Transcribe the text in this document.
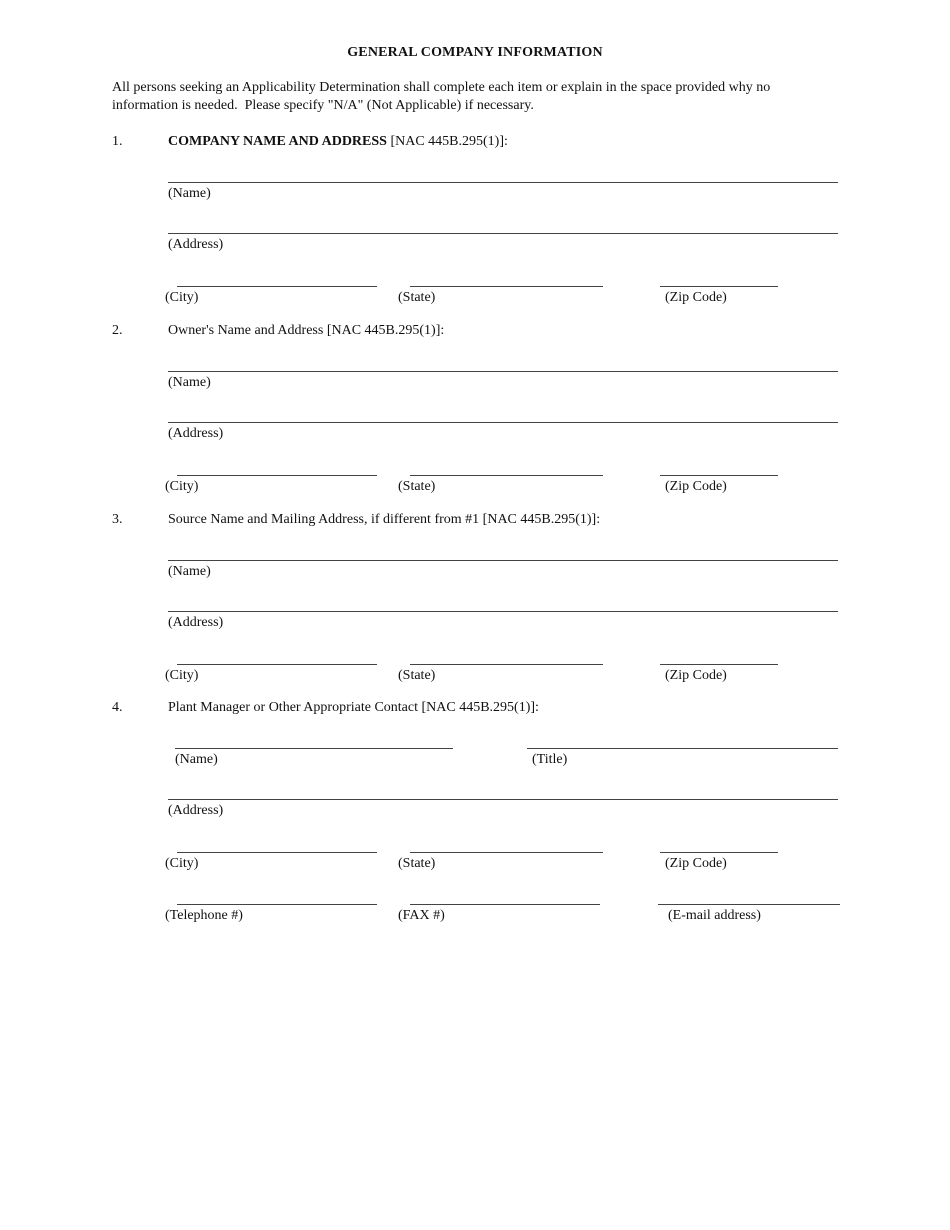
GENERAL COMPANY INFORMATION
All persons seeking an Applicability Determination shall complete each item or explain in the space provided why no
information is needed.  Please specify "N/A" (Not Applicable) if necessary.
1.	COMPANY NAME AND ADDRESS [NAC 445B.295(1)]:
(Name)
(Address)
(City)	(State)	(Zip Code)
2.	Owner's Name and Address [NAC 445B.295(1)]:
(Name)
(Address)
(City)	(State)	(Zip Code)
3.	Source Name and Mailing Address, if different from #1 [NAC 445B.295(1)]:
(Name)
(Address)
(City)	(State)	(Zip Code)
4.	Plant Manager or Other Appropriate Contact [NAC 445B.295(1)]:
(Name)	(Title)
(Address)
(City)	(State)	(Zip Code)
(Telephone #)	(FAX #)	(E-mail address)
